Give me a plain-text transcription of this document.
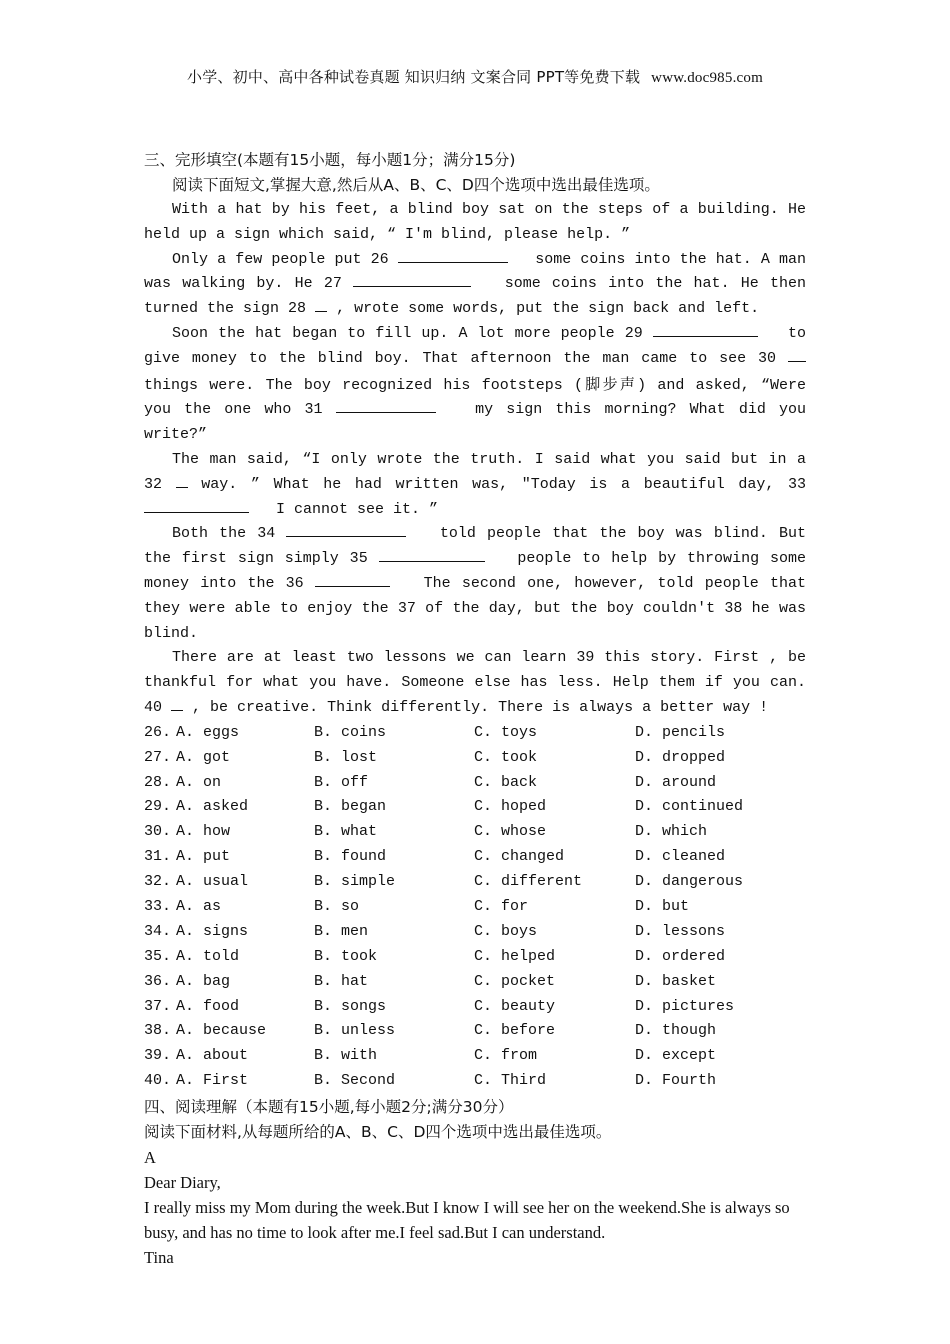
小学、初中、高中各种试卷真题 知识归纳 文案合同 PPT等免费下载 www.doc985.com
三、完形填空(本题有15小题，每小题1分；满分15分)
阅读下面短文,掌握大意,然后从A、B、C、D四个选项中选出最佳选项。
With a hat by his feet, a blind boy sat on the steps of a building. He held up a sign which said, “ I'm blind, please help. ”
Only a few people put 26	some coins into the hat. A man was walking by. He 27	some coins into the hat. He then turned the sign 28 , wrote some words, put the sign back and left.
Soon the hat began to fill up. A lot more people 29	to give money to the blind boy. That afternoon the man came to see 30  things were. The boy recognized his footsteps (脚步声) and asked, “Were you the one who 31	my sign this morning? What did you write?”
The man said, “I only wrote the truth. I said what you said but in a 32	way. ” What he had written was, ″Today is a beautiful day, 33    I cannot see it. ”
Both the 34	told people that the boy was blind. But the first sign simply 35	people to help by throwing some money into the 36	The second one, however, told people that they were able to enjoy the 37 of the day, but the boy couldn't 38 he was blind.
There are at least two lessons we can learn 39 this story. First , be thankful for what you have. Someone else has less. Help them if you can. 40 , be creative. Think differently. There is always a better way !
26. A. eggs	B. coins	C. toys	D. pencils
27. A. got	B. lost	C. took	D. dropped
28. A. on	B. off	C. back	D. around
29. A. asked	B. began	C. hoped	D. continued
30. A. how	B. what	C. whose	D. which
31. A. put	B. found	C. changed	D. cleaned
32. A. usual	B. simple	C. different	D. dangerous
33. A. as	B. so	C. for	D. but
34. A. signs	B. men	C. boys	D. lessons
35. A. told	B. took	C. helped	D. ordered
36. A. bag	B. hat	C. pocket	D. basket
37. A. food	B. songs	C. beauty	D. pictures
38. A. because	B. unless	C. before	D. though
39. A. about	B. with	C. from	D. except
40. A. First	B. Second	C. Third	D. Fourth
四、阅读理解（本题有15小题,每小题2分;满分30分）
阅读下面材料,从每题所给的A、B、C、D四个选项中选出最佳选项。
A
Dear Diary,
I really miss my Mom during the week.But I know I will see her on the weekend.She is always so busy, and has no time to look after me.I feel sad.But I can understand.
Tina
